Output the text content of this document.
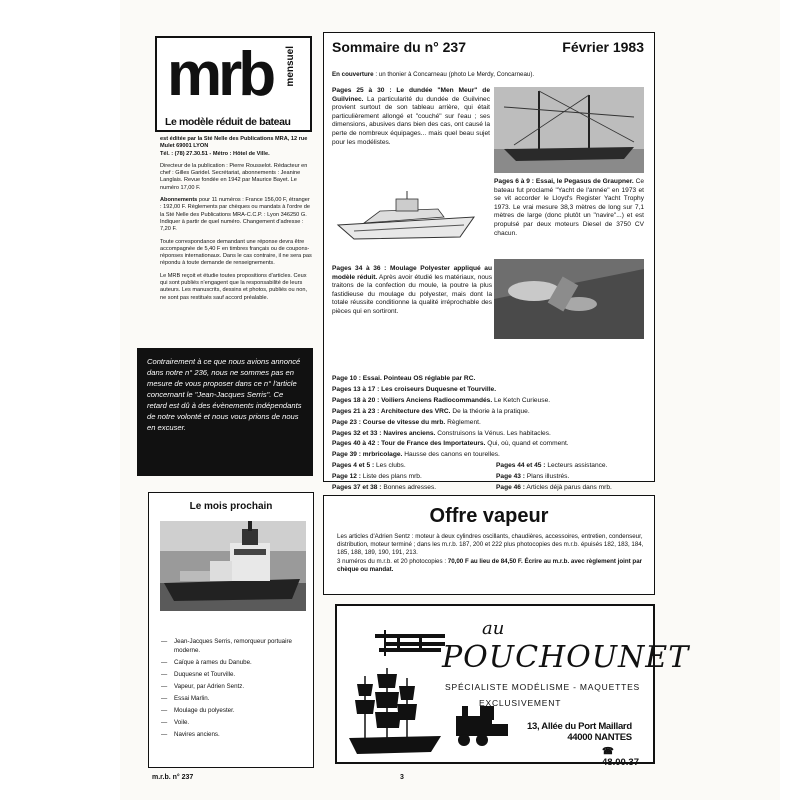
mrb mensuel
Le modèle réduit de bateau

est éditée par la Sté Nelle des Publications MRA, 12 rue Mulet 69001 LYON
Tél. : (78) 27.30.51 - Métro : Hôtel de Ville.

Directeur de la publication : Pierre Rousselot. Rédacteur en chef : Gilles Garidel. Secrétariat, abonnements : Jeanine Langlais. Revue fondée en 1942 par Maurice Bayet. Le numéro 17,00 F.

Abonnements pour 11 numéros : France 156,00 F, étranger : 192,00 F. Règlements par chèques ou mandats à l'ordre de la Sté Nelle des Publications MRA-C.C.P. : Lyon 346250 G. Indiquer à partir de quel numéro. Changement d'adresse : 7,20 F.

Toute correspondance demandant une réponse devra être accompagnée de 5,40 F en timbres français ou de coupons-réponses internationaux. Dans le cas contraire, il ne sera pas répondu à toute demande de renseignements.

Le MRB reçoit et étudie toutes propositions d'articles. Ceux qui sont publiés n'engagent que la responsabilité de leurs auteurs. Les manuscrits, dessins et photos, publiés ou non, ne sont pas restitués sauf accord préalable.

Contrairement à ce que nous avions annoncé dans notre n° 236, nous ne sommes pas en mesure de vous proposer dans ce n° l'article concernant le "Jean-Jacques Serris". Ce retard est dû à des évènements indépendants de notre volonté et nous vous prions de nous en excuser.
Le mois prochain
— Jean-Jacques Serris, remorqueur portuaire moderne.
— Caïque à rames du Danube.
— Duquesne et Tourville.
— Vapeur, par Adrien Sentz.
— Essai Marlin.
— Moulage du polyester.
— Voile.
— Navires anciens.
Sommaire du n° 237	Février 1983
En couverture : un thonier à Concarneau (photo Le Merdy, Concarneau).
Pages 25 à 30 : Le dundée "Men Meur" de Guilvinec. La particularité du dundée de Guilvinec provient surtout de son tableau arrière, qui était particulièrement allongé et "couché" sur l'eau ; ses dimensions, abusives dans bien des cas, ont causé la perte de nombreux équipages... mais quel beau sujet pour les modélistes.
Pages 6 à 9 : Essai, le Pegasus de Graupner. Ce bateau fut proclamé "Yacht de l'année" en 1973 et se vit accorder le Lloyd's Register Yacht Trophy 1973. Le vrai mesure 38,3 mètres de long sur 7,1 mètres de large (donc plutôt un "navire"...) et est propulsé par deux moteurs Diesel de 3750 CV chacun.
Pages 34 à 36 : Moulage Polyester appliqué au modèle réduit. Après avoir étudié les matériaux, nous traitons de la confection du moule, la poutre la plus fastidieuse du moulage du polyester, mais dont la totale réussite conditionne la qualité irréprochable des pièces qui en sortiront.
Page 10 : Essai. Pointeau OS réglable par RC.
Pages 13 à 17 : Les croiseurs Duquesne et Tourville.
Pages 18 à 20 : Voiliers Anciens Radiocommandés. Le Ketch Curieuse.
Pages 21 à 23 : Architecture des VRC. De la théorie à la pratique.
Page 23 : Course de vitesse du mrb. Règlement.
Pages 32 et 33 : Navires anciens. Construisons la Vénus. Les habitacles.
Pages 40 à 42 : Tour de France des Importateurs. Qui, où, quand et comment.
Page 39 : mrbricolage. Hausse des canons en tourelles.
Pages 4 et 5 : Les clubs.
Page 12 : Liste des plans mrb.
Pages 37 et 38 : Bonnes adresses.
Pages 44 et 45 : Lecteurs assistance.
Page 43 : Plans illustrés.
Page 46 : Articles déjà parus dans mrb.
Offre vapeur
Les articles d'Adrien Sentz : moteur à deux cylindres oscillants, chaudières, accessoires, entretien, condenseur, distribution, moteur terminé ; dans les m.r.b. 187, 200 et 222 plus photocopies des m.r.b. épuisés 182, 183, 184, 185, 188, 189, 190, 191, 213.
3 numéros du m.r.b. et 20 photocopies : 70,00 F au lieu de 84,50 F. Écrire au m.r.b. avec règlement joint par chèque ou mandat.
au
POUCHOUNET
SPÉCIALISTE MODÉLISME - MAQUETTES
EXCLUSIVEMENT
13, Allée du Port Maillard
44000 NANTES
☎ 48.00.37
m.r.b. n° 237	3
